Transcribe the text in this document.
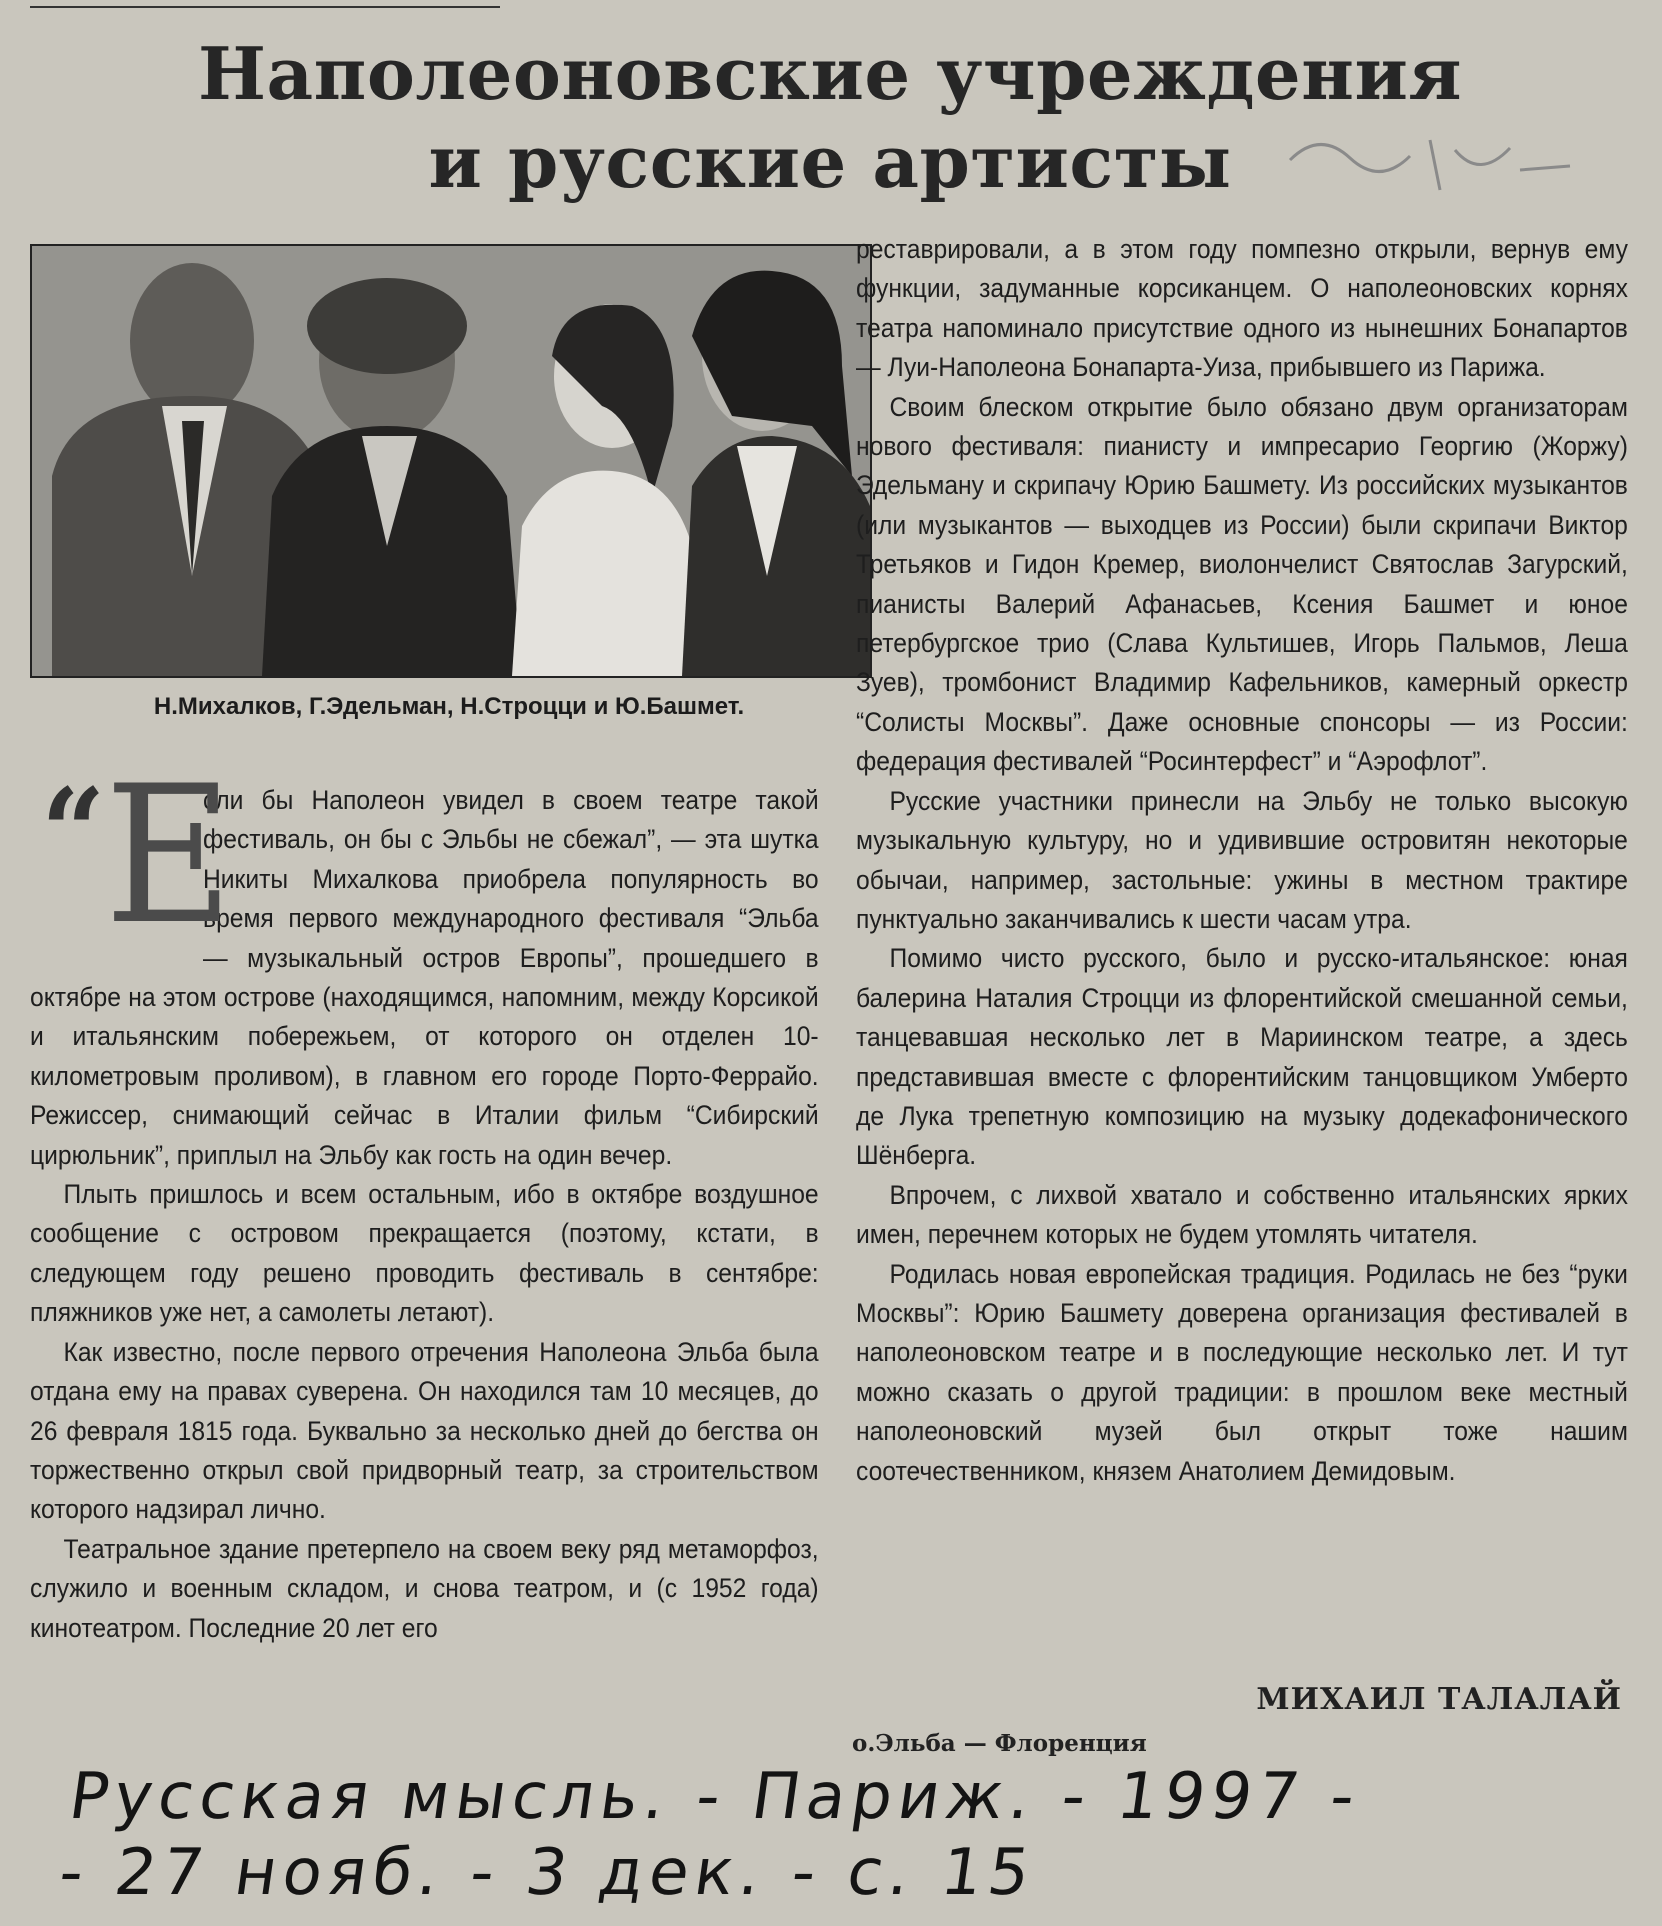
Наполеоновские учреждения
и русские артисты
Н.Михалков, Г.Эдельман, Н.Строцци и Ю.Башмет.
“ Е

сли бы Наполеон увидел в своем театре такой фестиваль, он бы с Эльбы не сбежал”, — эта шутка Никиты Михалкова приобрела популярность во время первого международного фестиваля “Эльба — музыкальный остров Европы”, прошедшего в октябре на этом острове (находящимся, напомним, между Корсикой и итальянским побережьем, от которого он отделен 10-километровым проливом), в главном его городе Порто-Феррайо. Режиссер, снимающий сейчас в Италии фильм “Сибирский цирюльник”, приплыл на Эльбу как гость на один вечер.

Плыть пришлось и всем остальным, ибо в октябре воздушное сообщение с островом прекращается (поэтому, кстати, в следующем году решено проводить фестиваль в сентябре: пляжников уже нет, а самолеты летают).

Как известно, после первого отречения Наполеона Эльба была отдана ему на правах суверена. Он находился там 10 месяцев, до 26 февраля 1815 года. Буквально за несколько дней до бегства он торжественно открыл свой придворный театр, за строительством которого надзирал лично.

Театральное здание претерпело на своем веку ряд метаморфоз, служило и военным складом, и снова театром, и (с 1952 года) кинотеатром. Последние 20 лет его

реставрировали, а в этом году помпезно открыли, вернув ему функции, задуманные корсиканцем. О наполеоновских корнях театра напоминало присутствие одного из нынешних Бонапартов — Луи-Наполеона Бонапарта-Уиза, прибывшего из Парижа.

Своим блеском открытие было обязано двум организаторам нового фестиваля: пианисту и импресарио Георгию (Жоржу) Эдельману и скрипачу Юрию Башмету. Из российских музыкантов (или музыкантов — выходцев из России) были скрипачи Виктор Третьяков и Гидон Кремер, виолончелист Святослав Загурский, пианисты Валерий Афанасьев, Ксения Башмет и юное петербургское трио (Слава Культишев, Игорь Пальмов, Леша Зуев), тромбонист Владимир Кафельников, камерный оркестр “Солисты Москвы”. Даже основные спонсоры — из России: федерация фестивалей “Росинтерфест” и “Аэрофлот”.

Русские участники принесли на Эльбу не только высокую музыкальную культуру, но и удивившие островитян некоторые обычаи, например, застольные: ужины в местном трактире пунктуально заканчивались к шести часам утра.

Помимо чисто русского, было и русско-итальянское: юная балерина Наталия Строцци из флорентийской смешанной семьи, танцевавшая несколько лет в Мариинском театре, а здесь представившая вместе с флорентийским танцовщиком Умберто де Лука трепетную композицию на музыку додекафонического Шёнберга.

Впрочем, с лихвой хватало и собственно итальянских ярких имен, перечнем которых не будем утомлять читателя.

Родилась новая европейская традиция. Родилась не без “руки Москвы”: Юрию Башмету доверена организация фестивалей в наполеоновском театре и в последующие несколько лет. И тут можно сказать о другой традиции: в прошлом веке местный наполеоновский музей был открыт тоже нашим соотечественником, князем Анатолием Демидовым.

МИХАИЛ ТАЛАЛАЙ
о.Эльба — Флоренция
Русская мысль. - Париж. - 1997 -
- 27 нояб. - 3 дек. - с. 15
